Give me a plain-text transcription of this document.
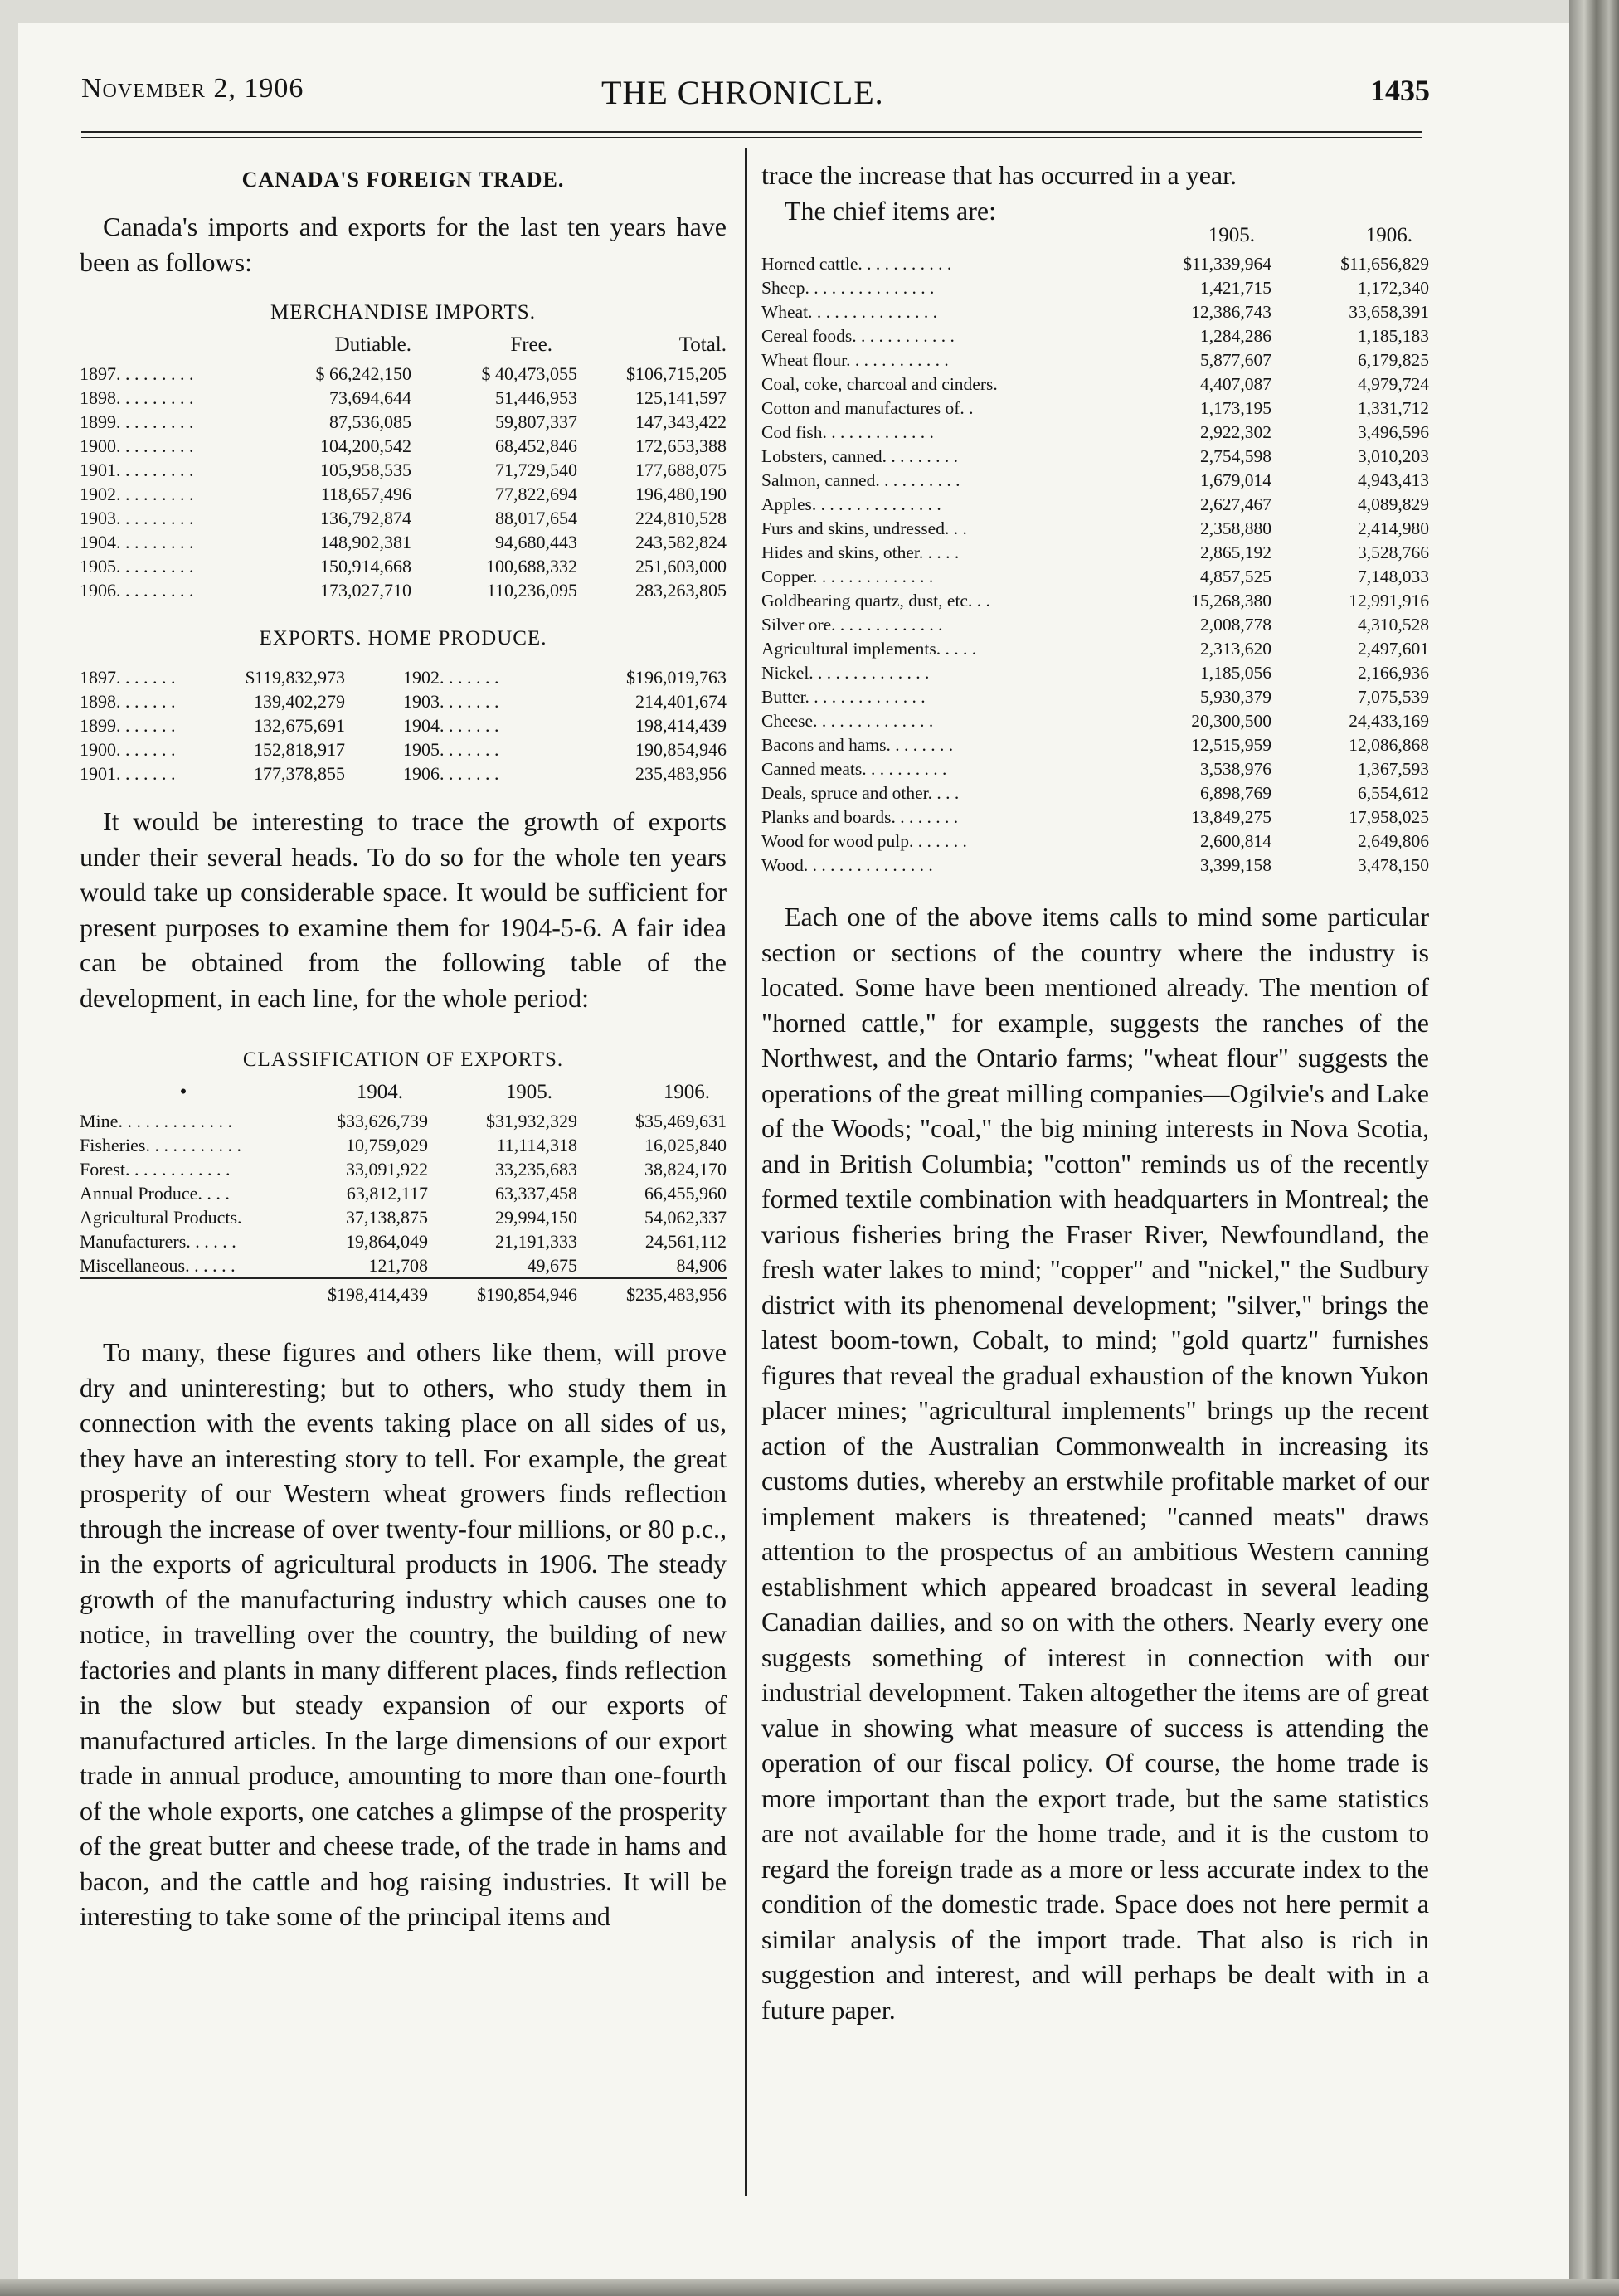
November 2, 1906	THE CHRONICLE.	1435
CANADA'S FOREIGN TRADE.

Canada's imports and exports for the last ten years have been as follows:

MERCHANDISE IMPORTS.
	Dutiable.	Free.	Total.
1897. . . . . . . . .	$ 66,242,150	$ 40,473,055	$106,715,205
1898. . . . . . . . .	73,694,644	51,446,953	125,141,597
1899. . . . . . . . .	87,536,085	59,807,337	147,343,422
1900. . . . . . . . .	104,200,542	68,452,846	172,653,388
1901. . . . . . . . .	105,958,535	71,729,540	177,688,075
1902. . . . . . . . .	118,657,496	77,822,694	196,480,190
1903. . . . . . . . .	136,792,874	88,017,654	224,810,528
1904. . . . . . . . .	148,902,381	94,680,443	243,582,824
1905. . . . . . . . .	150,914,668	100,688,332	251,603,000
1906. . . . . . . . .	173,027,710	110,236,095	283,263,805
EXPORTS. HOME PRODUCE.
1897. . . . . . .	$119,832,973	1902. . . . . . .	$196,019,763
1898. . . . . . .	139,402,279	1903. . . . . . .	214,401,674
1899. . . . . . .	132,675,691	1904. . . . . . .	198,414,439
1900. . . . . . .	152,818,917	1905. . . . . . .	190,854,946
1901. . . . . . .	177,378,855	1906. . . . . . .	235,483,956

It would be interesting to trace the growth of exports under their several heads. To do so for the whole ten years would take up considerable space. It would be sufficient for present purposes to examine them for 1904-5-6. A fair idea can be obtained from the following table of the development, in each line, for the whole period:

CLASSIFICATION OF EXPORTS.
•	1904.	1905.	1906.
Mine. . . . . . . . . . . . .	$33,626,739	$31,932,329	$35,469,631
Fisheries. . . . . . . . . . .	10,759,029	11,114,318	16,025,840
Forest. . . . . . . . . . . .	33,091,922	33,235,683	38,824,170
Annual Produce. . . .	63,812,117	63,337,458	66,455,960
Agricultural Products.	37,138,875	29,994,150	54,062,337
Manufacturers. . . . . .	19,864,049	21,191,333	24,561,112
Miscellaneous. . . . . .	121,708	49,675	84,906
	$198,414,439	$190,854,946	$235,483,956

To many, these figures and others like them, will prove dry and uninteresting; but to others, who study them in connection with the events taking place on all sides of us, they have an interesting story to tell. For example, the great prosperity of our Western wheat growers finds reflection through the increase of over twenty-four millions, or 80 p.c., in the exports of agricultural products in 1906. The steady growth of the manufacturing industry which causes one to notice, in travelling over the country, the building of new factories and plants in many different places, finds reflection in the slow but steady expansion of our exports of manufactured articles. In the large dimensions of our export trade in annual produce, amounting to more than one-fourth of the whole exports, one catches a glimpse of the prosperity of the great butter and cheese trade, of the trade in hams and bacon, and the cattle and hog raising industries. It will be interesting to take some of the principal items and

trace the increase that has occurred in a year.

The chief items are:

	1905.	1906.
Horned cattle. . . . . . . . . . .	$11,339,964	$11,656,829
Sheep. . . . . . . . . . . . . . .	1,421,715	1,172,340
Wheat. . . . . . . . . . . . . . .	12,386,743	33,658,391
Cereal foods. . . . . . . . . . . .	1,284,286	1,185,183
Wheat flour. . . . . . . . . . . .	5,877,607	6,179,825
Coal, coke, charcoal and cinders.	4,407,087	4,979,724
Cotton and manufactures of. .	1,173,195	1,331,712
Cod fish. . . . . . . . . . . . .	2,922,302	3,496,596
Lobsters, canned. . . . . . . . .	2,754,598	3,010,203
Salmon, canned. . . . . . . . . .	1,679,014	4,943,413
Apples. . . . . . . . . . . . . . .	2,627,467	4,089,829
Furs and skins, undressed. . .	2,358,880	2,414,980
Hides and skins, other. . . . .	2,865,192	3,528,766
Copper. . . . . . . . . . . . . .	4,857,525	7,148,033
Goldbearing quartz, dust, etc. . .	15,268,380	12,991,916
Silver ore. . . . . . . . . . . . .	2,008,778	4,310,528
Agricultural implements. . . . .	2,313,620	2,497,601
Nickel. . . . . . . . . . . . . .	1,185,056	2,166,936
Butter. . . . . . . . . . . . . .	5,930,379	7,075,539
Cheese. . . . . . . . . . . . . .	20,300,500	24,433,169
Bacons and hams. . . . . . . .	12,515,959	12,086,868
Canned meats. . . . . . . . . .	3,538,976	1,367,593
Deals, spruce and other. . . .	6,898,769	6,554,612
Planks and boards. . . . . . . .	13,849,275	17,958,025
Wood for wood pulp. . . . . . .	2,600,814	2,649,806
Wood. . . . . . . . . . . . . . .	3,399,158	3,478,150

Each one of the above items calls to mind some particular section or sections of the country where the industry is located. Some have been mentioned already. The mention of "horned cattle," for example, suggests the ranches of the Northwest, and the Ontario farms; "wheat flour" suggests the operations of the great milling companies—Ogilvie's and Lake of the Woods; "coal," the big mining interests in Nova Scotia, and in British Columbia; "cotton" reminds us of the recently formed textile combination with headquarters in Montreal; the various fisheries bring the Fraser River, Newfoundland, the fresh water lakes to mind; "copper" and "nickel," the Sudbury district with its phenomenal development; "silver," brings the latest boom-town, Cobalt, to mind; "gold quartz" furnishes figures that reveal the gradual exhaustion of the known Yukon placer mines; "agricultural implements" brings up the recent action of the Australian Commonwealth in increasing its customs duties, whereby an erstwhile profitable market of our implement makers is threatened; "canned meats" draws attention to the prospectus of an ambitious Western canning establishment which appeared broadcast in several leading Canadian dailies, and so on with the others. Nearly every one suggests something of interest in connection with our industrial development. Taken altogether the items are of great value in showing what measure of success is attending the operation of our fiscal policy. Of course, the home trade is more important than the export trade, but the same statistics are not available for the home trade, and it is the custom to regard the foreign trade as a more or less accurate index to the condition of the domestic trade. Space does not here permit a similar analysis of the import trade. That also is rich in suggestion and interest, and will perhaps be dealt with in a future paper.
